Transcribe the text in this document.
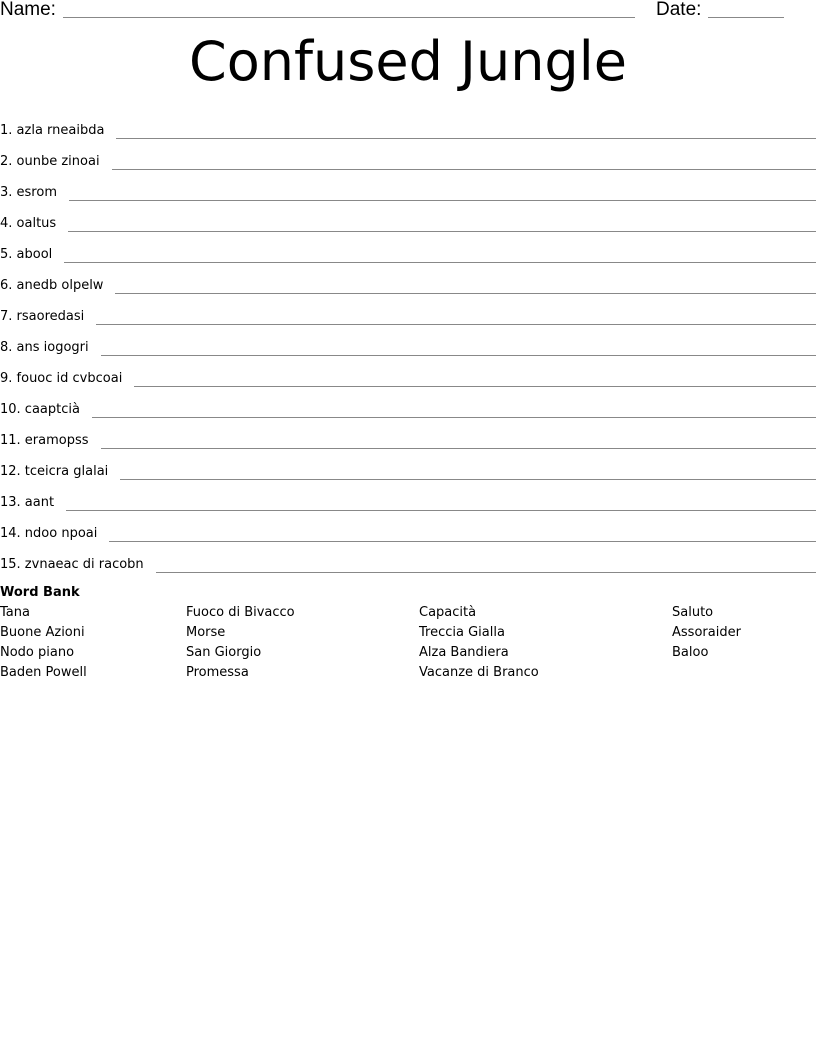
Name:	Date:
Confused Jungle
1. azla rneaibda
2. ounbe zinoai
3. esrom
4. oaltus
5. abool
6. anedb olpelw
7. rsaoredasi
8. ans iogogri
9. fouoc id cvbcoai
10. caaptcià
11. eramopss
12. tceicra glalai
13. aant
14. ndoo npoai
15. zvnaeac di racobn
Word Bank
Tana
Buone Azioni
Nodo piano
Baden Powell
Fuoco di Bivacco
Morse
San Giorgio
Promessa
Capacità
Treccia Gialla
Alza Bandiera
Vacanze di Branco
Saluto
Assoraider
Baloo
